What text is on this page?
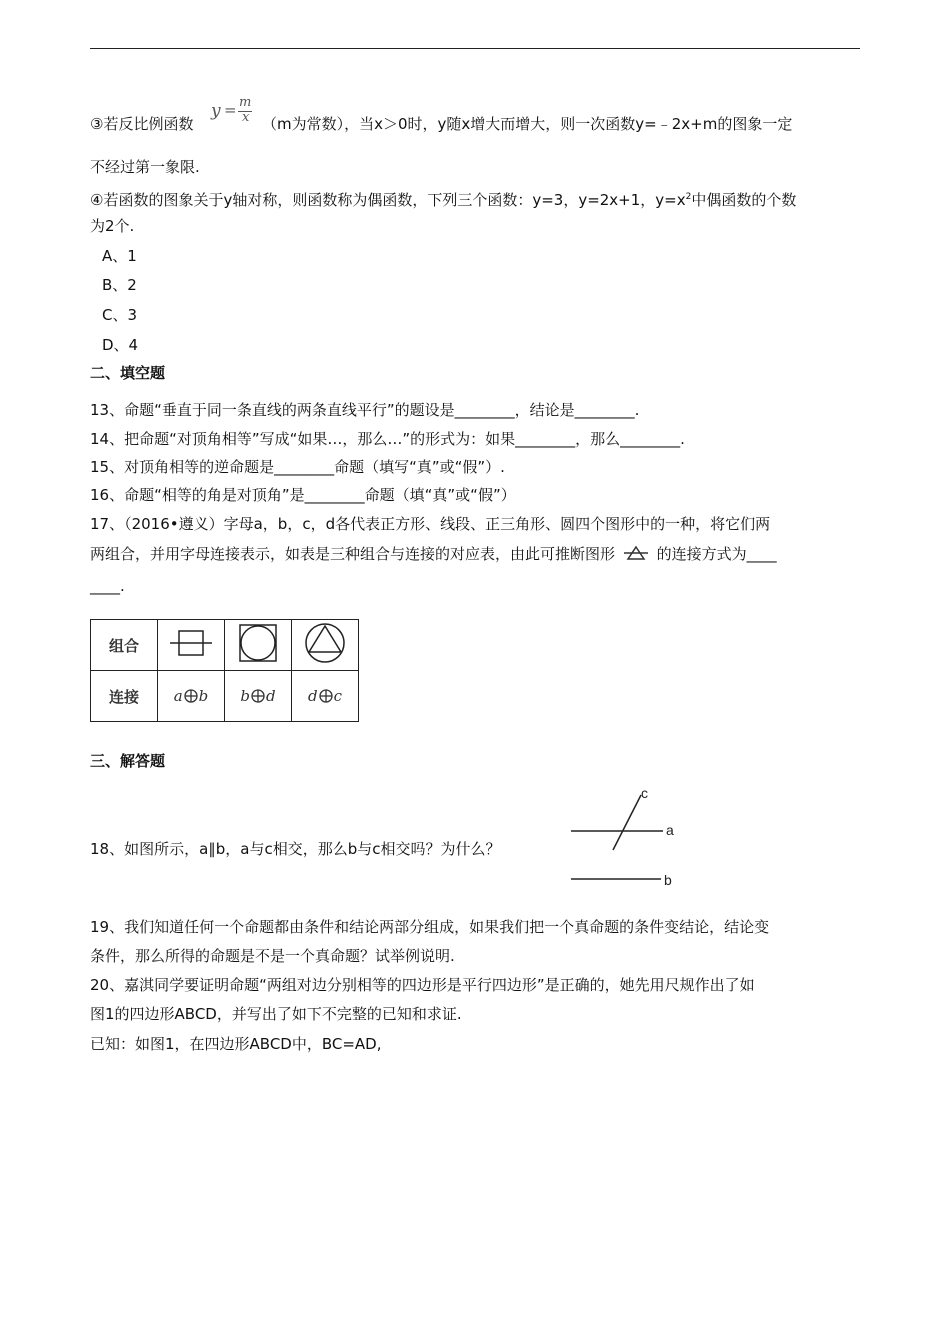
③若反比例函数
y = m
x （m为常数），当x＞0时，y随x增大而增大，则一次函数y=﹣2x+m的图象一定
不经过第一象限.
④若函数的图象关于y轴对称，则函数称为偶函数，下列三个函数：y=3，y=2x+1，$y=x^2$中偶函数的个数
为2个.
A、1
B、2
C、3
D、4
二、填空题
13、命题“垂直于同一条直线的两条直线平行”的题设是________，结论是________.
14、把命题“对顶角相等”写成“如果…，那么…”的形式为：如果________，那么________.
15、对顶角相等的逆命题是________命题（填写“真”或“假”）.
16、命题“相等的角是对顶角”是________命题（填“真”或“假”）
17、（2016•遵义）字母a，b，c，d各代表正方形、线段、正三角形、圆四个图形中的一种，将它们两
两组合，并用字母连接表示，如表是三种组合与连接的对应表，由此可推断图形	的连接方式为____
____.
组合			
连接	a b	b d	d c
三、解答题
18、如图所示，a∥b，a与c相交，那么b与c相交吗？为什么？
c
a
b
19、我们知道任何一个命题都由条件和结论两部分组成，如果我们把一个真命题的条件变结论，结论变
条件，那么所得的命题是不是一个真命题？试举例说明.
20、嘉淇同学要证明命题“两组对边分别相等的四边形是平行四边形”是正确的，她先用尺规作出了如
图1的四边形ABCD，并写出了如下不完整的已知和求证.
已知：如图1，在四边形ABCD中，BC=AD,
